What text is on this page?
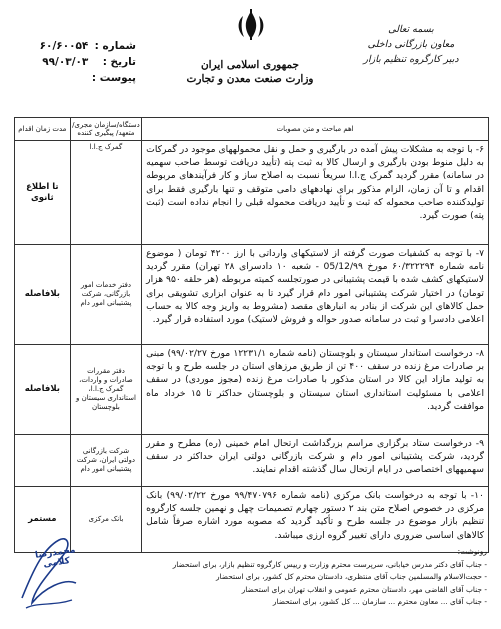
شماره : ۶۰/۶۰۰۵۴
تاریخ : ۹۹/۰۳/۰۳
پیوست :
جمهوری اسلامی ایران
وزارت صنعت معدن و تجارت
بسمه تعالی
معاون بازرگانی داخلی
دبیر کارگروه تنظیم بازار
اهم مباحث و متن مصوبات	دستگاه/سازمان مجری/ متعهد/ پیگیری کننده	مدت زمان اقدام
۶- با توجه به مشکلات پیش آمده در بارگیری و حمل و نقل محمولههای موجود در گمرکات به دلیل منوط بودن بارگیری و ارسال کالا به ثبت پته (تأیید دریافت توسط صاحب سهمیه در سامانه) مقرر گردید گمرک ج.ا.ا سریعاً نسبت به اصلاح ساز و کار فرآیندهای مربوطه اقدام و تا آن زمان، الزام مذکور برای نهادههای دامی متوقف و تنها بارگیری فقط برای تولیدکننده صاحب محموله که ثبت و تأیید دریافت محموله قبلی را انجام نداده است (ثبت پته) صورت گیرد.	گمرک ج.ا.ا	تا اطلاع ثانوی
۷- با توجه به کشفیات صورت گرفته از لاستیکهای وارداتی با ارز ۴۲۰۰ تومان ( موضوع نامه شماره ۶۰/۳۲۲۲۹۴ مورخ 05/12/۹۹ - شعبه ۱۰ دادسرای ۲۸ تهران) مقرر گردید لاستیکهای کشف شده با قیمت پشتیبانی در صورتجلسه کمیته مربوطه (هر حلقه ۹۵۰ هزار تومان) در اختیار شرکت پشتیبانی امور دام قرار گیرد تا به عنوان ابزاری تشویقی برای حمل کالاهای این شرکت از بنادر به انبارهای مقصد (مشروط به واریز وجه کالا به حساب اعلامی دادسرا و ثبت در سامانه صدور حواله و فروش لاستیک) مورد استفاده قرار گیرد.	دفتر خدمات امور بازرگانی، شرکت پشتیبانی امور دام	بلافاصله
۸- درخواست استاندار سیستان و بلوچستان (نامه شماره ۱۲۲۳۱/۱ مورخ ۹۹/۰۲/۲۷) مبنی بر صادرات مرغ زنده در سقف ۴۰۰ تن از طریق مرزهای استان در جلسه طرح و با توجه به تولید مازاد این کالا در استان مذکور با صادرات مرغ زنده (مجوز موردی) در سقف اعلامی با مسئولیت استانداری استان سیستان و بلوچستان حداکثر تا ۱۵ خرداد ماه موافقت گردید.	دفتر مقررات صادرات و واردات، گمرک ج.ا.ا، استانداری سیستان و بلوچستان	بلافاصله
۹- درخواست ستاد برگزاری مراسم بزرگداشت ارتحال امام خمینی (ره) مطرح و مقرر گردید، شرکت پشتیبانی امور دام و شرکت بازرگانی دولتی ایران حداکثر در سقف سهمیههای اختصاصی در ایام ارتحال سال گذشته اقدام نمایند.	شرکت بازرگانی دولتی ایران، شرکت پشتیبانی امور دام	
۱۰- با توجه به درخواست بانک مرکزی (نامه شماره ۹۹/۴۷۰۷۹۶ مورخ ۹۹/۰۲/۲۲) بانک مرکزی در خصوص اصلاح متن بند ۲ دستور چهارم تصمیمات چهل و نهمین جلسه کارگروه تنظیم بازار موضوع در جلسه طرح و تأکید گردید که مصوبه مورد اشاره صرفاً شامل کالاهای اساسی ضروری دارای تغییر گروه ارزی میباشد.	بانک مرکزی	مستمر
محمدرضا کلامی
رونوشت:
- جناب آقای دکتر مدرس خیابانی، سرپرست محترم وزارت و رییس کارگروه تنظیم بازار، برای استحضار
- حجت‌الاسلام والمسلمین جناب آقای منتظری، دادستان محترم کل کشور، برای استحضار
- جناب آقای القاضی مهر، دادستان محترم عمومی و انقلاب تهران برای استحضار
- جناب آقای ... معاون محترم ... سازمان ... کل کشور، برای استحضار
